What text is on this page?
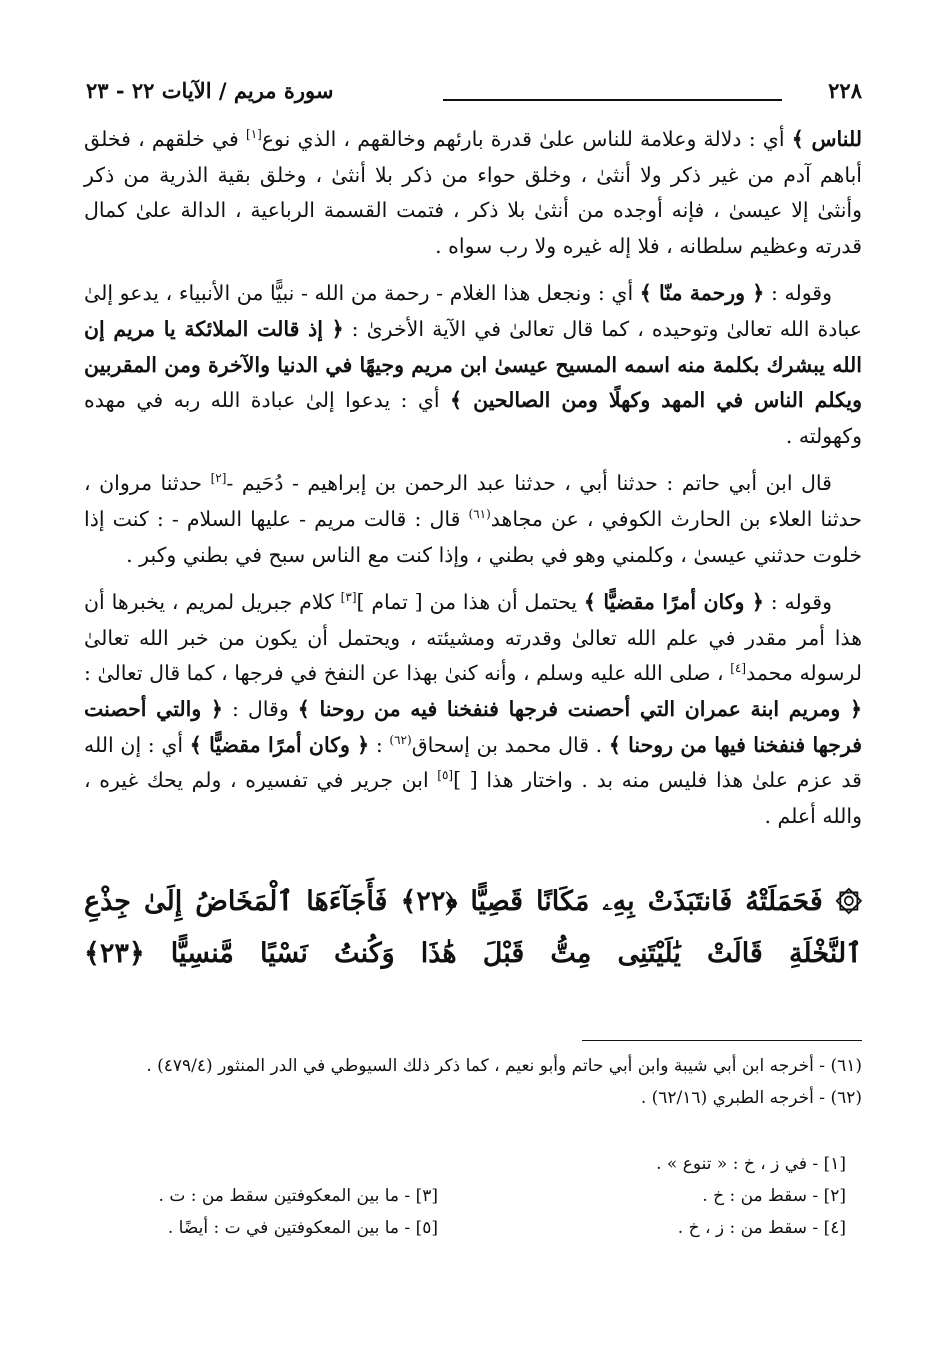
٢٢٨
سورة مريم / الآيات ٢٢ - ٢٣

للناس ﴾ أي : دلالة وعلامة للناس علىٰ قدرة بارئهم وخالقهم ، الذي نوع[١] في خلقهم ، فخلق أباهم آدم من غير ذكر ولا أنثىٰ ، وخلق حواء من ذكر بلا أنثىٰ ، وخلق بقية الذرية من ذكر وأنثىٰ إلا عيسىٰ ، فإنه أوجده من أنثىٰ بلا ذكر ، فتمت القسمة الرباعية ، الدالة علىٰ كمال قدرته وعظيم سلطانه ، فلا إله غيره ولا رب سواه .

وقوله : ﴿ ورحمة منّا ﴾ أي : ونجعل هذا الغلام - رحمة من الله - نبيًّا من الأنبياء ، يدعو إلىٰ عبادة الله تعالىٰ وتوحيده ، كما قال تعالىٰ في الآية الأخرىٰ : ﴿ إذ قالت الملائكة يا مريم إن الله يبشرك بكلمة منه اسمه المسيح عيسىٰ ابن مريم وجيهًا في الدنيا والآخرة ومن المقربين ويكلم الناس في المهد وكهلًا ومن الصالحين ﴾ أي : يدعوا إلىٰ عبادة الله ربه في مهده وكهولته .

قال ابن أبي حاتم : حدثنا أبي ، حدثنا عبد الرحمن بن إبراهيم - دُحَيم -[٢] حدثنا مروان ، حدثنا العلاء بن الحارث الكوفي ، عن مجاهد$^{(٦١)}$ قال : قالت مريم - عليها السلام - : كنت إذا خلوت حدثني عيسىٰ ، وكلمني وهو في بطني ، وإذا كنت مع الناس سبح في بطني وكبر .

وقوله : ﴿ وكان أمرًا مقضيًّا ﴾ يحتمل أن هذا من [ تمام ][٣] كلام جبريل لمريم ، يخبرها أن هذا أمر مقدر في علم الله تعالىٰ وقدرته ومشيئته ، ويحتمل أن يكون من خبر الله تعالىٰ لرسوله محمد[٤] ، صلى الله عليه وسلم ، وأنه كنىٰ بهذا عن النفخ في فرجها ، كما قال تعالىٰ : ﴿ ومريم ابنة عمران التي أحصنت فرجها فنفخنا فيه من روحنا ﴾ وقال : ﴿ والتي أحصنت فرجها فنفخنا فيها من روحنا ﴾ . قال محمد بن إسحاق$^{(٦٢)}$ : ﴿ وكان أمرًا مقضيًّا ﴾ أي : إن الله قد عزم علىٰ هذا فليس منه بد . واختار هذا [ ][٥] ابن جرير في تفسيره ، ولم يحك غيره ، والله أعلم .

۞ فَحَمَلَتْهُ فَانتَبَذَتْ بِهِۦ مَكَانًا قَصِيًّا ﴿٢٢﴾ فَأَجَآءَهَا ٱلْمَخَاضُ إِلَىٰ جِذْعِ ٱلنَّخْلَةِ قَالَتْ يَٰلَيْتَنِى مِتُّ قَبْلَ هَٰذَا وَكُنتُ نَسْيًا مَّنسِيًّا ﴿٢٣﴾
(٦١) - أخرجه ابن أبي شيبة وابن أبي حاتم وأبو نعيم ، كما ذكر ذلك السيوطي في الدر المنثور (٤٧٩/٤) .
(٦٢) - أخرجه الطبري (٦٢/١٦) .
[١] - في ز ، خ : « تنوع » .
[٢] - سقط من : خ .
[٣] - ما بين المعكوفتين سقط من : ت .
[٤] - سقط من : ز ، خ .
[٥] - ما بين المعكوفتين في ت : أيضًا .
